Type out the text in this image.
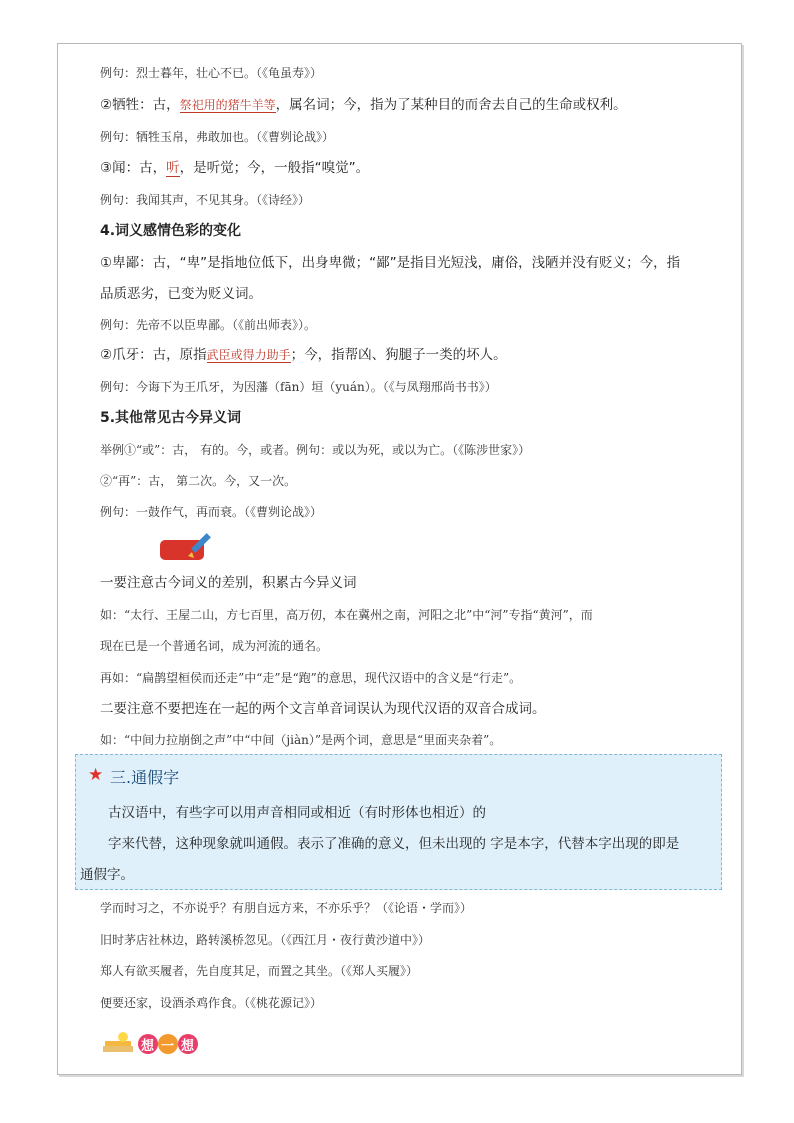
例句：烈士暮年，壮心不已。（《龟虽寿》）
②牺牲：古，祭祀用的猪牛羊等，属名词；今，指为了某种目的而舍去自己的生命或权利。
例句：牺牲玉帛，弗敢加也。（《曹刿论战》）
③闻：古，听，是听觉；今，一般指“嗅觉”。
例句：我闻其声，不见其身。（《诗经》）
4.词义感情色彩的变化
①卑鄙：古，“卑”是指地位低下，出身卑微；“鄙”是指目光短浅，庸俗，浅陋并没有贬义；今，指
品质恶劣，已变为贬义词。
例句：先帝不以臣卑鄙。（《前出师表》）。
②爪牙：古，原指武臣或得力助手；今，指帮凶、狗腿子一类的坏人。
例句：今诲下为王爪牙，为因藩（fān）垣（yuán）。（《与凤翔邢尚书书》）
5.其他常见古今异义词
举例①“或”：古， 有的。今，或者。例句：或以为死，或以为亡。（《陈涉世家》）
②“再”：古， 第二次。今，又一次。
例句：一鼓作气，再而衰。（《曹刿论战》）
一要注意古今词义的差别，积累古今异义词
如：“太行、王屋二山，方七百里，高万仞，本在冀州之南，河阳之北”中“河”专指“黄河”，而
现在已是一个普通名词，成为河流的通名。
再如：“扁鹊望桓侯而还走”中“走”是“跑”的意思，现代汉语中的含义是“行走”。
二要注意不要把连在一起的两个文言单音词误认为现代汉语的双音合成词。
如：“中间力拉崩倒之声”中“中间（jiàn）”是两个词，意思是“里面夹杂着”。
★ 三.通假字
古汉语中，有些字可以用声音相同或相近（有时形体也相近）的
字来代替，这种现象就叫通假。表示了准确的意义，但未出现的 字是本字，代替本字出现的即是
通假字。
学而时习之，不亦说乎？有朋自远方来，不亦乐乎？（《论语・学而》）
旧时茅店社林边，路转溪桥忽见。（《西江月・夜行黄沙道中》）
郑人有欲买履者，先自度其足，而置之其坐。（《郑人买履》）
便要还家，设酒杀鸡作食。（《桃花源记》）
想 一 想
